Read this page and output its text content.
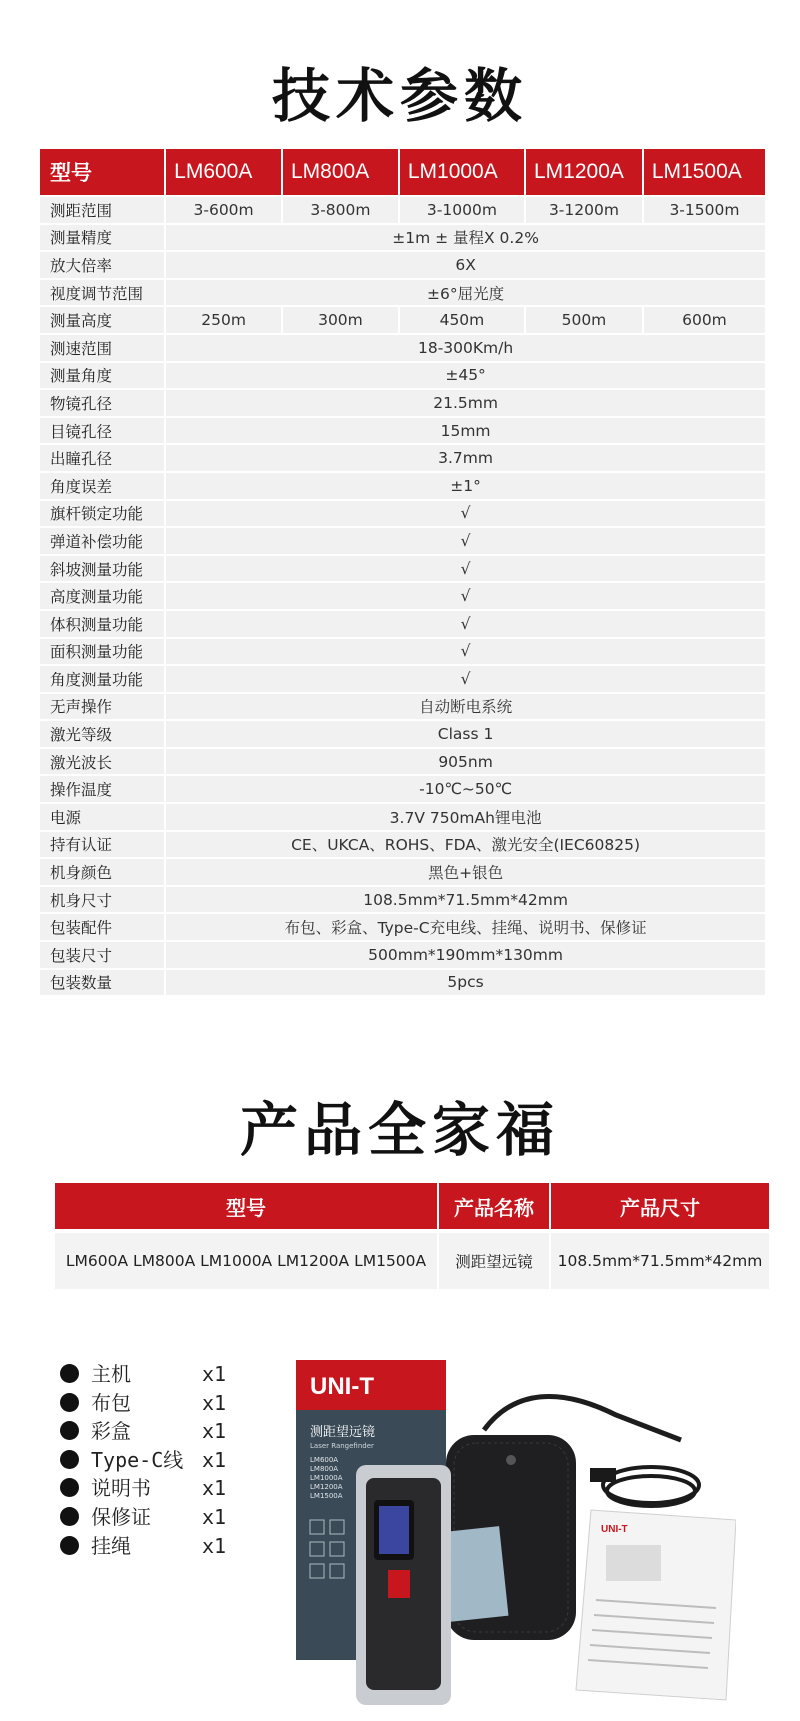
技术参数
型号	LM600A	LM800A	LM1000A	LM1200A	LM1500A
测距范围	3-600m	3-800m	3-1000m	3-1200m	3-1500m
测量精度	±1m ± 量程X 0.2%				
放大倍率	6X				
视度调节范围	±6°屈光度				
测量高度	250m	300m	450m	500m	600m
测速范围	18-300Km/h				
测量角度	±45°				
物镜孔径	21.5mm				
目镜孔径	15mm				
出瞳孔径	3.7mm				
角度误差	±1°				
旗杆锁定功能	√				
弹道补偿功能	√				
斜坡测量功能	√				
高度测量功能	√				
体积测量功能	√				
面积测量功能	√				
角度测量功能	√				
无声操作	自动断电系统				
激光等级	Class 1				
激光波长	905nm				
操作温度	-10℃~50℃				
电源	3.7V 750mAh锂电池				
持有认证	CE、UKCA、ROHS、FDA、激光安全(IEC60825)				
机身颜色	黑色+银色				
机身尺寸	108.5mm*71.5mm*42mm				
包装配件	布包、彩盒、Type-C充电线、挂绳、说明书、保修证				
包装尺寸	500mm*190mm*130mm				
包装数量	5pcs				
产品全家福
型号	产品名称	产品尺寸

LM600A LM800A LM1000A LM1200A LM1500A	测距望远镜	108.5mm*71.5mm*42mm
主机	x1
布包	x1
彩盒	x1
Type-C线 x1
说明书	x1
保修证	x1
挂绳	x1
UNI-T
测距望远镜
Laser Rangefinder
LM600A
LM800A
LM1000A
LM1200A
LM1500A
UNI-T
